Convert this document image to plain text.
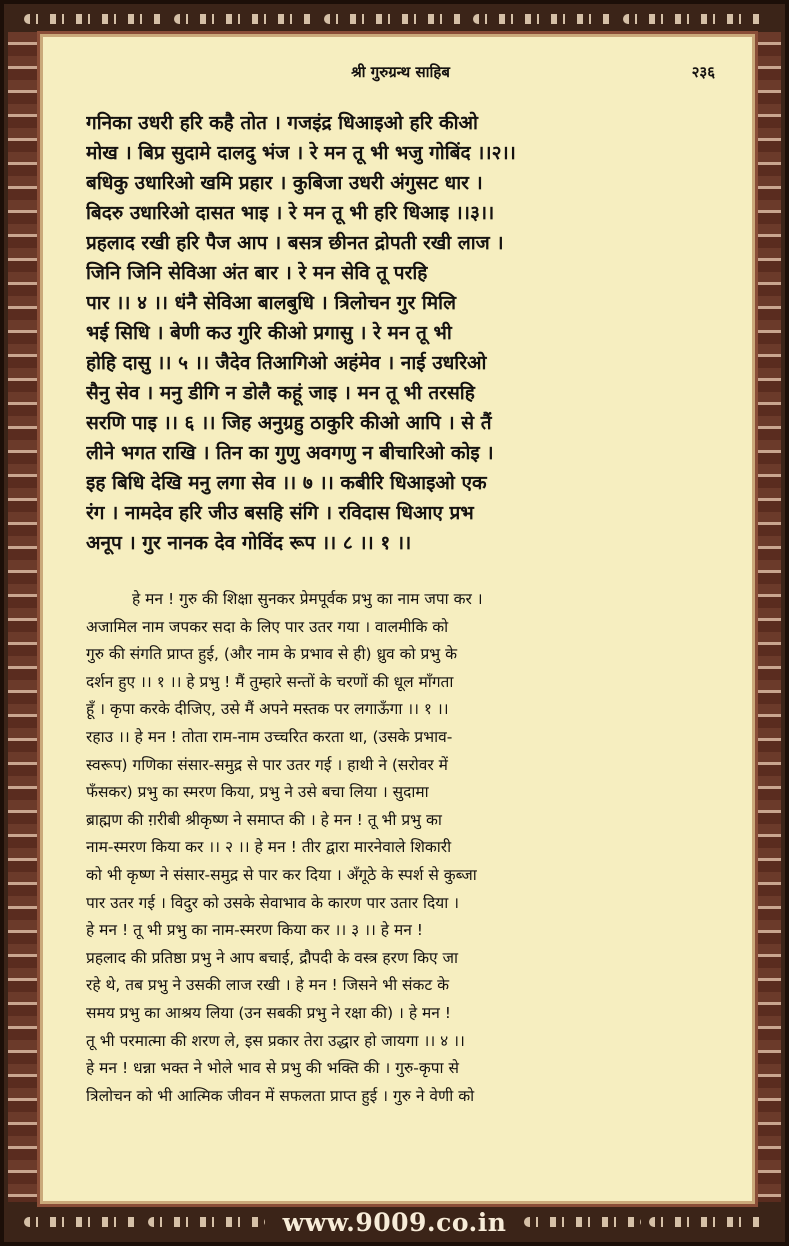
श्री गुरुग्रन्थ साहिब	२३६
गनिका उधरी हरि कहै तोत । गजइंद्र धिआइओ हरि कीओ
मोख । बिप्र सुदामे दालदु भंज । रे मन तू भी भजु गोबिंद ।।२।।
बधिकु उधारिओ खमि प्रहार । कुबिजा उधरी अंगुसट धार ।
बिदरु उधारिओ दासत भाइ । रे मन तू भी हरि धिआइ ।।३।।
प्रहलाद रखी हरि पैज आप । बसत्र छीनत द्रोपती रखी लाज ।
जिनि जिनि सेविआ अंत बार । रे मन सेवि तू परहि
पार ।। ४ ।। धंनै सेविआ बालबुधि । त्रिलोचन गुर मिलि
भई सिधि । बेणी कउ गुरि कीओ प्रगासु । रे मन तू भी
होहि दासु ।। ५ ।। जैदेव तिआगिओ अहंमेव । नाई उधरिओ
सैनु सेव । मनु डीगि न डोलै कहूं जाइ । मन तू भी तरसहि
सरणि पाइ ।। ६ ।। जिह अनुग्रहु ठाकुरि कीओ आपि । से तैं
लीने भगत राखि । तिन का गुणु अवगणु न बीचारिओ कोइ ।
इह बिधि देखि मनु लगा सेव ।। ७ ।। कबीरि धिआइओ एक
रंग । नामदेव हरि जीउ बसहि संगि । रविदास धिआए प्रभ
अनूप । गुर नानक देव गोविंद रूप ।। ८ ।। १ ।।
हे मन ! गुरु की शिक्षा सुनकर प्रेमपूर्वक प्रभु का नाम जपा कर ।
अजामिल नाम जपकर सदा के लिए पार उतर गया । वालमीकि को
गुरु की संगति प्राप्त हुई, (और नाम के प्रभाव से ही) ध्रुव को प्रभु के
दर्शन हुए ।। १ ।। हे प्रभु ! मैं तुम्हारे सन्तों के चरणों की धूल माँगता
हूँ । कृपा करके दीजिए, उसे मैं अपने मस्तक पर लगाऊँगा ।। १ ।।
रहाउ ।। हे मन ! तोता राम-नाम उच्चरित करता था, (उसके प्रभाव-
स्वरूप) गणिका संसार-समुद्र से पार उतर गई । हाथी ने (सरोवर में
फँसकर) प्रभु का स्मरण किया, प्रभु ने उसे बचा लिया । सुदामा
ब्राह्मण की ग़रीबी श्रीकृष्ण ने समाप्त की । हे मन ! तू भी प्रभु का
नाम-स्मरण किया कर ।। २ ।। हे मन ! तीर द्वारा मारनेवाले शिकारी
को भी कृष्ण ने संसार-समुद्र से पार कर दिया । अँगूठे के स्पर्श से कुब्जा
पार उतर गई । विदुर को उसके सेवाभाव के कारण पार उतार दिया ।
हे मन ! तू भी प्रभु का नाम-स्मरण किया कर ।। ३ ।। हे मन !
प्रहलाद की प्रतिष्ठा प्रभु ने आप बचाई, द्रौपदी के वस्त्र हरण किए जा
रहे थे, तब प्रभु ने उसकी लाज रखी । हे मन ! जिसने भी संकट के
समय प्रभु का आश्रय लिया (उन सबकी प्रभु ने रक्षा की) । हे मन !
तू भी परमात्मा की शरण ले, इस प्रकार तेरा उद्धार हो जायगा ।। ४ ।।
हे मन ! धन्ना भक्त ने भोले भाव से प्रभु की भक्ति की । गुरु-कृपा से
त्रिलोचन को भी आत्मिक जीवन में सफलता प्राप्त हुई । गुरु ने वेणी को
www.9009.co.in
